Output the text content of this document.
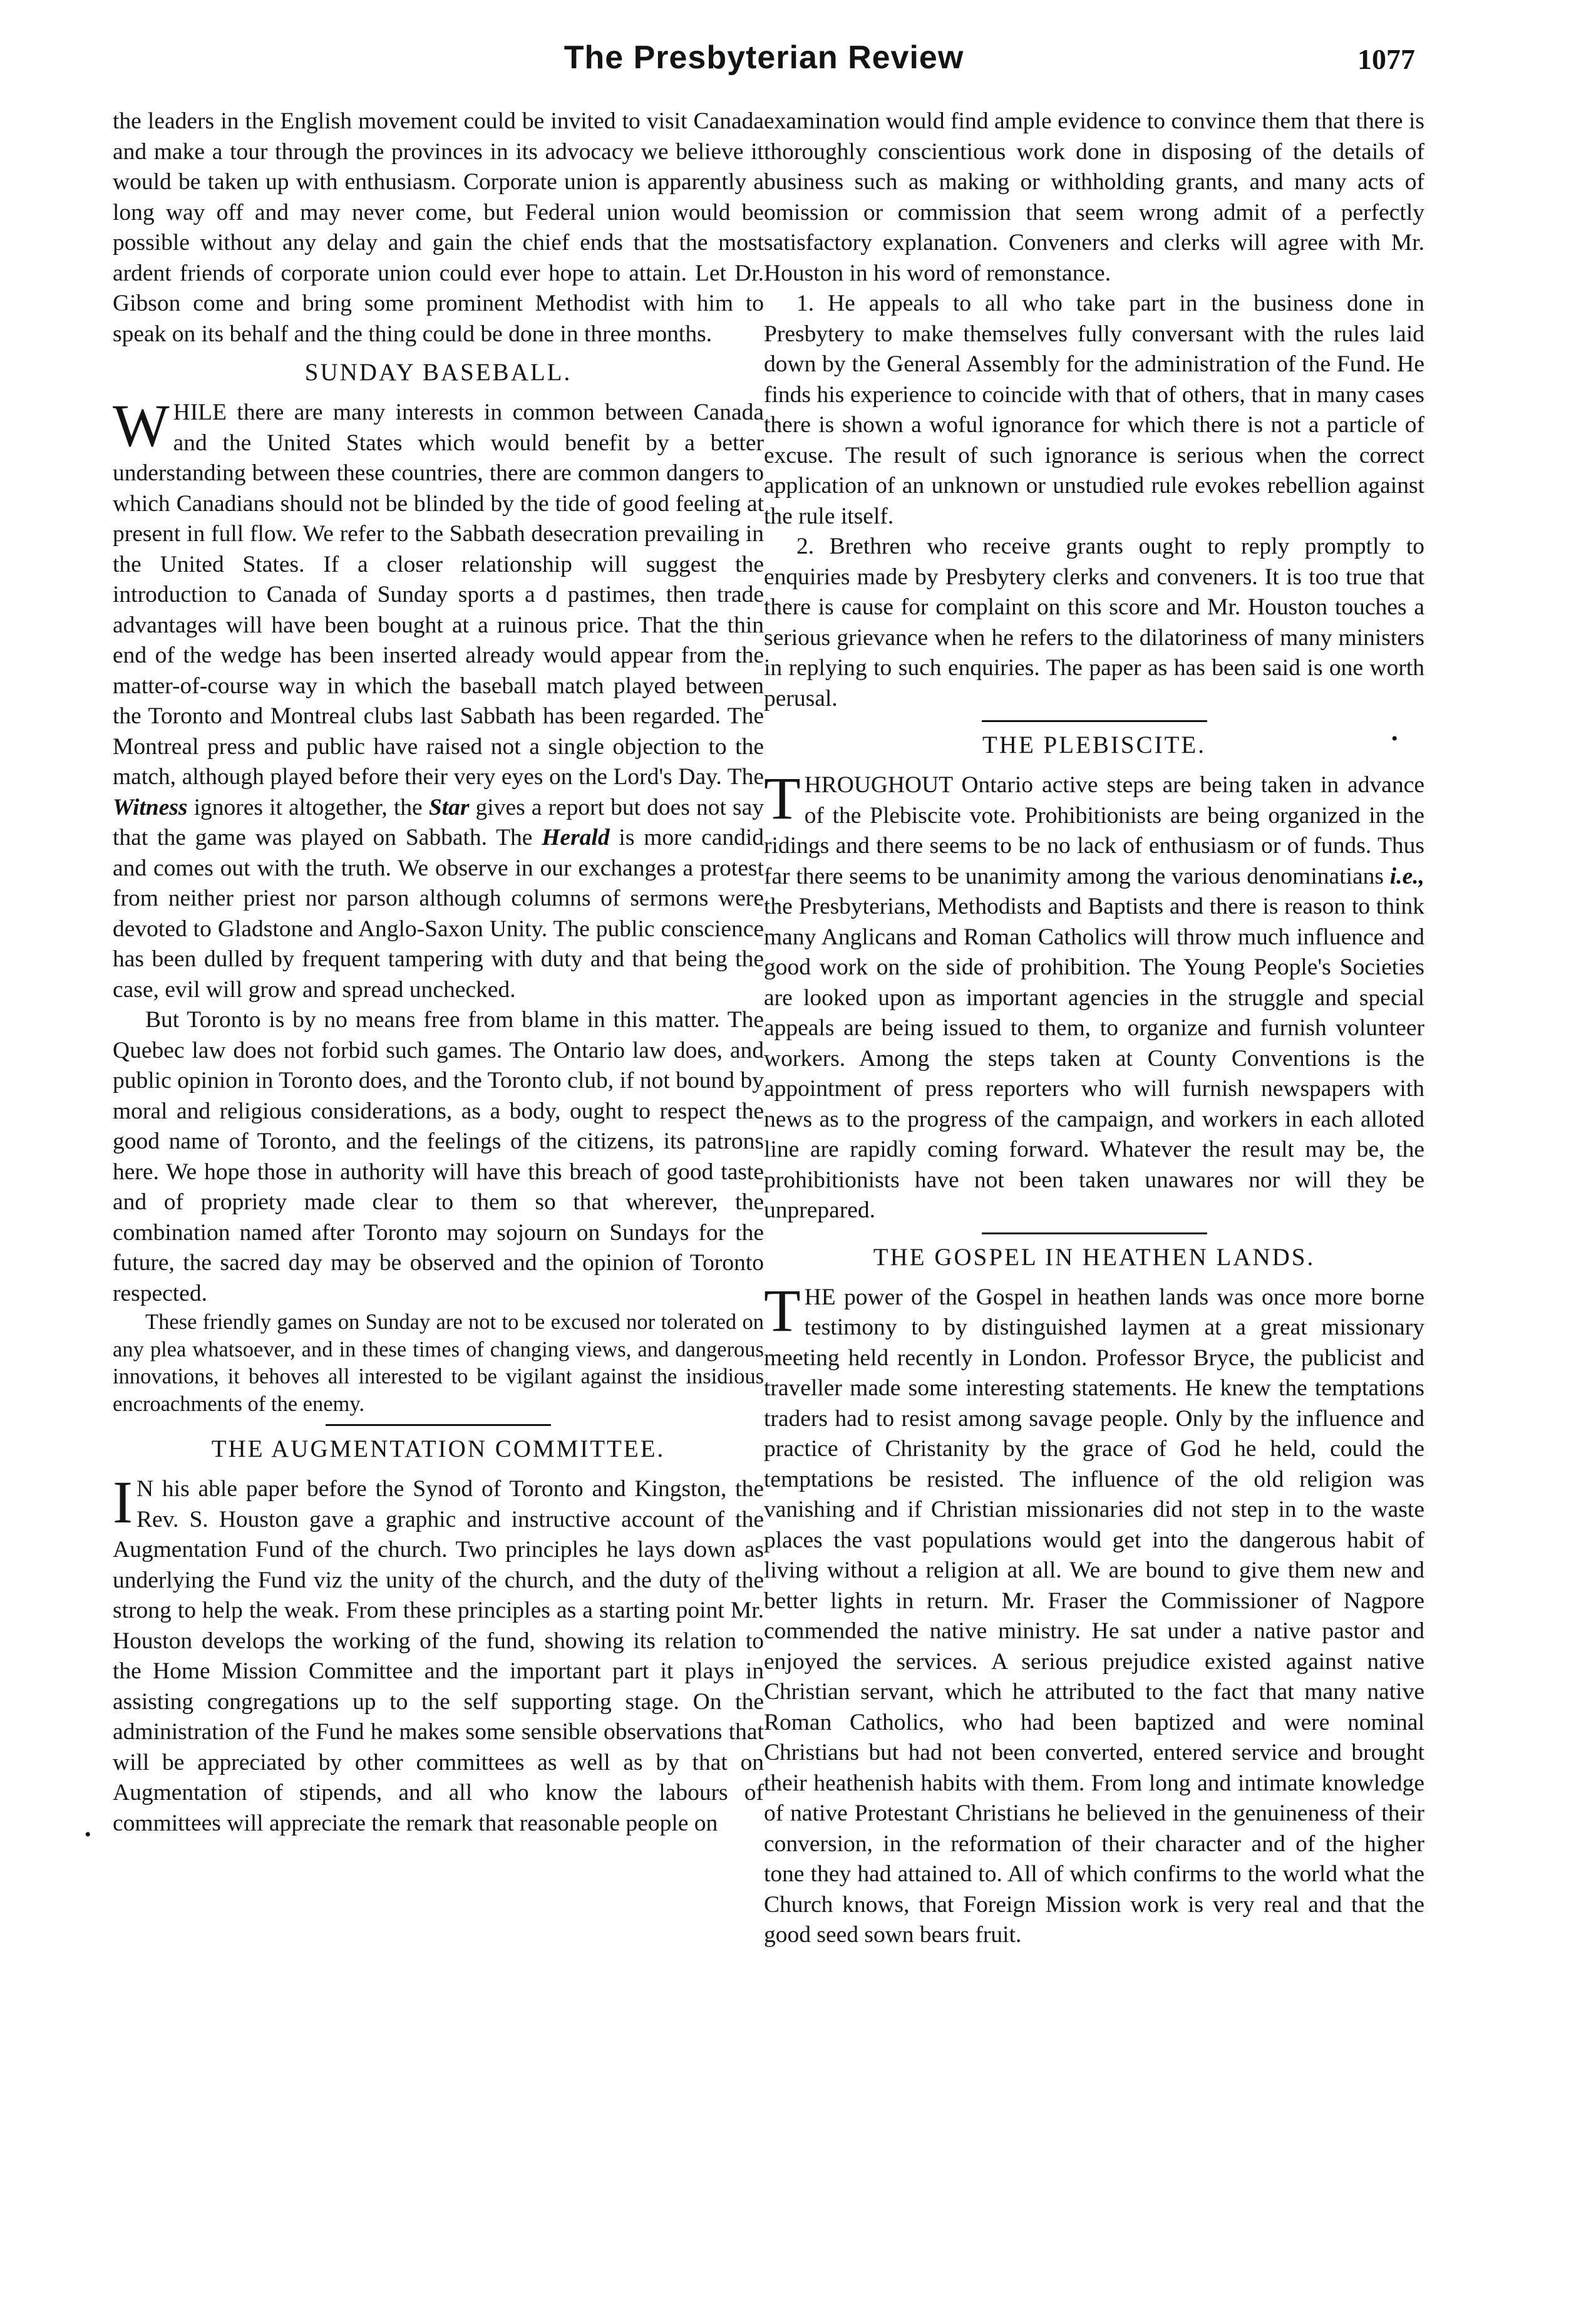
The Presbyterian Review	1077

the leaders in the English movement could be invited to visit Canada and make a tour through the provinces in its advocacy we believe it would be taken up with enthusiasm. Corporate union is apparently a long way off and may never come, but Federal union would be possible without any delay and gain the chief ends that the most ardent friends of corporate union could ever hope to attain. Let Dr. Gibson come and bring some prominent Methodist with him to speak on its behalf and the thing could be done in three months.

SUNDAY BASEBALL.

WHILE there are many interests in common between Canada and the United States which would benefit by a better understanding between these countries, there are common dangers to which Canadians should not be blinded by the tide of good feeling at present in full flow. We refer to the Sabbath desecration prevailing in the United States. If a closer relationship will suggest the introduction to Canada of Sunday sports a d pastimes, then trade advantages will have been bought at a ruinous price. That the thin end of the wedge has been inserted already would appear from the matter-of-course way in which the baseball match played between the Toronto and Montreal clubs last Sabbath has been regarded. The Montreal press and public have raised not a single objection to the match, although played before their very eyes on the Lord's Day. The Witness ignores it altogether, the Star gives a report but does not say that the game was played on Sabbath. The Herald is more candid and comes out with the truth. We observe in our exchanges a protest from neither priest nor parson although columns of sermons were devoted to Gladstone and Anglo-Saxon Unity. The public conscience has been dulled by frequent tampering with duty and that being the case, evil will grow and spread unchecked.

But Toronto is by no means free from blame in this matter. The Quebec law does not forbid such games. The Ontario law does, and public opinion in Toronto does, and the Toronto club, if not bound by moral and religious considerations, as a body, ought to respect the good name of Toronto, and the feelings of the citizens, its patrons here. We hope those in authority will have this breach of good taste and of propriety made clear to them so that wherever, the combination named after Toronto may sojourn on Sundays for the future, the sacred day may be observed and the opinion of Toronto respected.

These friendly games on Sunday are not to be excused nor tolerated on any plea whatsoever, and in these times of changing views, and dangerous innovations, it behoves all interested to be vigilant against the insidious encroachments of the enemy.

THE AUGMENTATION COMMITTEE.

I N his able paper before the Synod of Toronto and Kingston, the Rev. S. Houston gave a graphic and instructive account of the Augmentation Fund of the church. Two principles he lays down as underlying the Fund viz the unity of the church, and the duty of the strong to help the weak. From these principles as a starting point Mr. Houston develops the working of the fund, showing its relation to the Home Mission Committee and the important part it plays in assisting congregations up to the self supporting stage. On the administration of the Fund he makes some sensible observations that will be appreciated by other committees as well as by that on Augmentation of stipends, and all who know the labours of committees will appreciate the remark that reasonable people on

examination would find ample evidence to convince them that there is thoroughly conscientious work done in disposing of the details of business such as making or withholding grants, and many acts of omission or commission that seem wrong admit of a perfectly satisfactory explanation. Conveners and clerks will agree with Mr. Houston in his word of remonstance.

1. He appeals to all who take part in the business done in Presbytery to make themselves fully conversant with the rules laid down by the General Assembly for the administration of the Fund. He finds his experience to coincide with that of others, that in many cases there is shown a woful ignorance for which there is not a particle of excuse. The result of such ignorance is serious when the correct application of an unknown or unstudied rule evokes rebellion against the rule itself.

2. Brethren who receive grants ought to reply promptly to enquiries made by Presbytery clerks and conveners. It is too true that there is cause for complaint on this score and Mr. Houston touches a serious grievance when he refers to the dilatoriness of many ministers in replying to such enquiries. The paper as has been said is one worth perusal.

THE PLEBISCITE.

THROUGHOUT Ontario active steps are being taken in advance of the Plebiscite vote. Prohibitionists are being organized in the ridings and there seems to be no lack of enthusiasm or of funds. Thus far there seems to be unanimity among the various denominatians i.e., the Presbyterians, Methodists and Baptists and there is reason to think many Anglicans and Roman Catholics will throw much influence and good work on the side of prohibition. The Young People's Societies are looked upon as important agencies in the struggle and special appeals are being issued to them, to organize and furnish volunteer workers. Among the steps taken at County Conventions is the appointment of press reporters who will furnish newspapers with news as to the progress of the campaign, and workers in each alloted line are rapidly coming forward. Whatever the result may be, the prohibitionists have not been taken unawares nor will they be unprepared.

THE GOSPEL IN HEATHEN LANDS.

THE power of the Gospel in heathen lands was once more borne testimony to by distinguished laymen at a great missionary meeting held recently in London. Professor Bryce, the publicist and traveller made some interesting statements. He knew the temptations traders had to resist among savage people. Only by the influence and practice of Christanity by the grace of God he held, could the temptations be resisted. The influence of the old religion was vanishing and if Christian missionaries did not step in to the waste places the vast populations would get into the dangerous habit of living without a religion at all. We are bound to give them new and better lights in return. Mr. Fraser the Commissioner of Nagpore commended the native ministry. He sat under a native pastor and enjoyed the services. A serious prejudice existed against native Christian servant, which he attributed to the fact that many native Roman Catholics, who had been baptized and were nominal Christians but had not been converted, entered service and brought their heathenish habits with them. From long and intimate knowledge of native Protestant Christians he believed in the genuineness of their conversion, in the reformation of their character and of the higher tone they had attained to. All of which confirms to the world what the Church knows, that Foreign Mission work is very real and that the good seed sown bears fruit.

•
•
